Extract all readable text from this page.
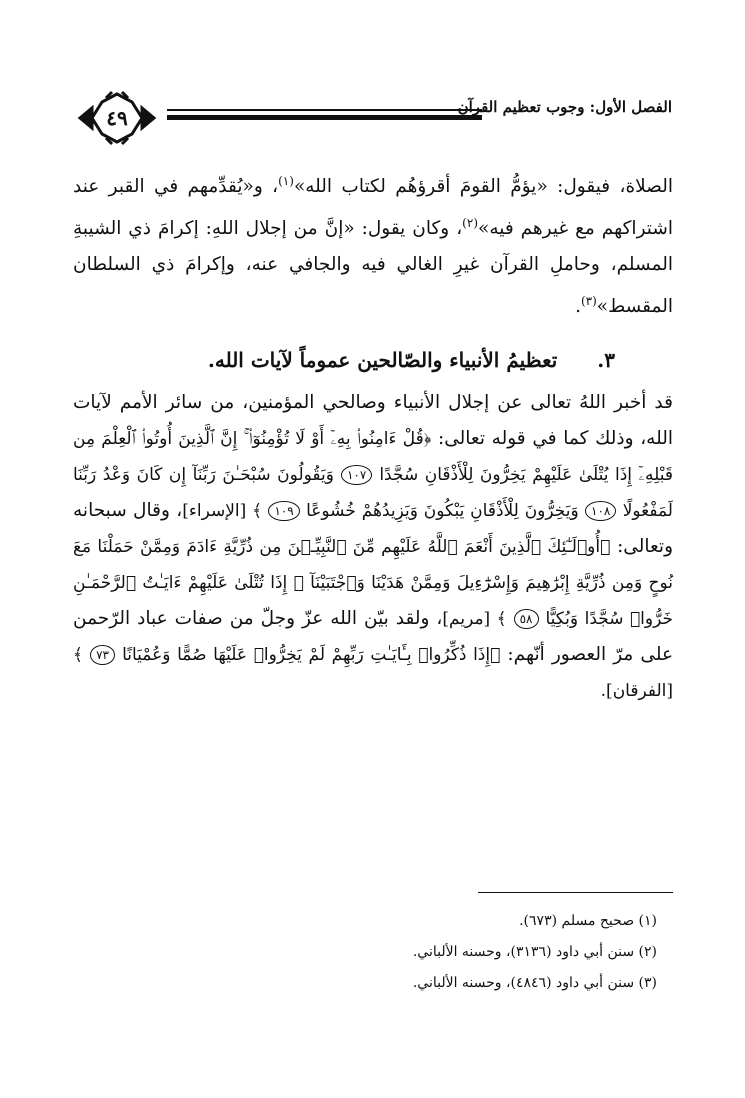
٤٩	الفصل الأول: وجوب تعظيم القرآن
الصلاة، فيقول: «يؤمُّ القومَ أقرؤهُم لكتاب الله»$^{(١)}$، و«يُقدِّمهم في القبر عند اشتراكهم مع غيرهم فيه»$^{(٢)}$، وكان يقول: «إنَّ من إجلال اللهِ: إكرامَ ذي الشيبةِ المسلم، وحاملِ القرآن غيرِ الغالي فيه والجافي عنه، وإكرامَ ذي السلطان المقسط»$^{(٣)}$.
٣.تعظيمُ الأنبياء والصّالحين عموماً لآيات الله.
قد أخبر اللهُ تعالى عن إجلال الأنبياء وصالحي المؤمنين، من سائر الأمم لآيات الله، وذلك كما في قوله تعالى: ﴿قُلْ ءَامِنُوا۟ بِهِۦٓ أَوْ لَا تُؤْمِنُوٓا۟ ۚ إِنَّ ٱلَّذِينَ أُوتُوا۟ ٱلْعِلْمَ مِن قَبْلِهِۦٓ إِذَا يُتْلَىٰ عَلَيْهِمْ يَخِرُّونَ لِلْأَذْقَانِ سُجَّدًا ١٠٧ وَيَقُولُونَ سُبْحَـٰنَ رَبِّنَآ إِن كَانَ وَعْدُ رَبِّنَا لَمَفْعُولًا ١٠٨ وَيَخِرُّونَ لِلْأَذْقَانِ يَبْكُونَ وَيَزِيدُهُمْ خُشُوعًا ١٠٩ ﴾ [الإسراء]، وقال سبحانه وتعالى: ﴿أُو۟لَـٰٓئِكَ ٱلَّذِينَ أَنْعَمَ ٱللَّهُ عَلَيْهِم مِّنَ ٱلنَّبِيِّـۧنَ مِن ذُرِّيَّةِ ءَادَمَ وَمِمَّنْ حَمَلْنَا مَعَ نُوحٍ وَمِن ذُرِّيَّةِ إِبْرَٰهِيمَ وَإِسْرَٰٓءِيلَ وَمِمَّنْ هَدَيْنَا وَٱجْتَبَيْنَآ ۚ إِذَا تُتْلَىٰ عَلَيْهِمْ ءَايَـٰتُ ٱلرَّحْمَـٰنِ خَرُّوا۟ سُجَّدًا وَبُكِيًّا ٥٨ ﴾ [مريم]، ولقد بيّن الله عزّ وجلّ من صفات عباد الرّحمن على مرّ العصور أنّهم: ﴿إِذَا ذُكِّرُوا۟ بِـَٔايَـٰتِ رَبِّهِمْ لَمْ يَخِرُّوا۟ عَلَيْهَا صُمًّا وَعُمْيَانًا ٧٣ ﴾ [الفرقان].
(١) صحيح مسلم (٦٧٣).
(٢) سنن أبي داود (٣١٣٦)، وحسنه الألباني.
(٣) سنن أبي داود (٤٨٤٦)، وحسنه الألباني.
